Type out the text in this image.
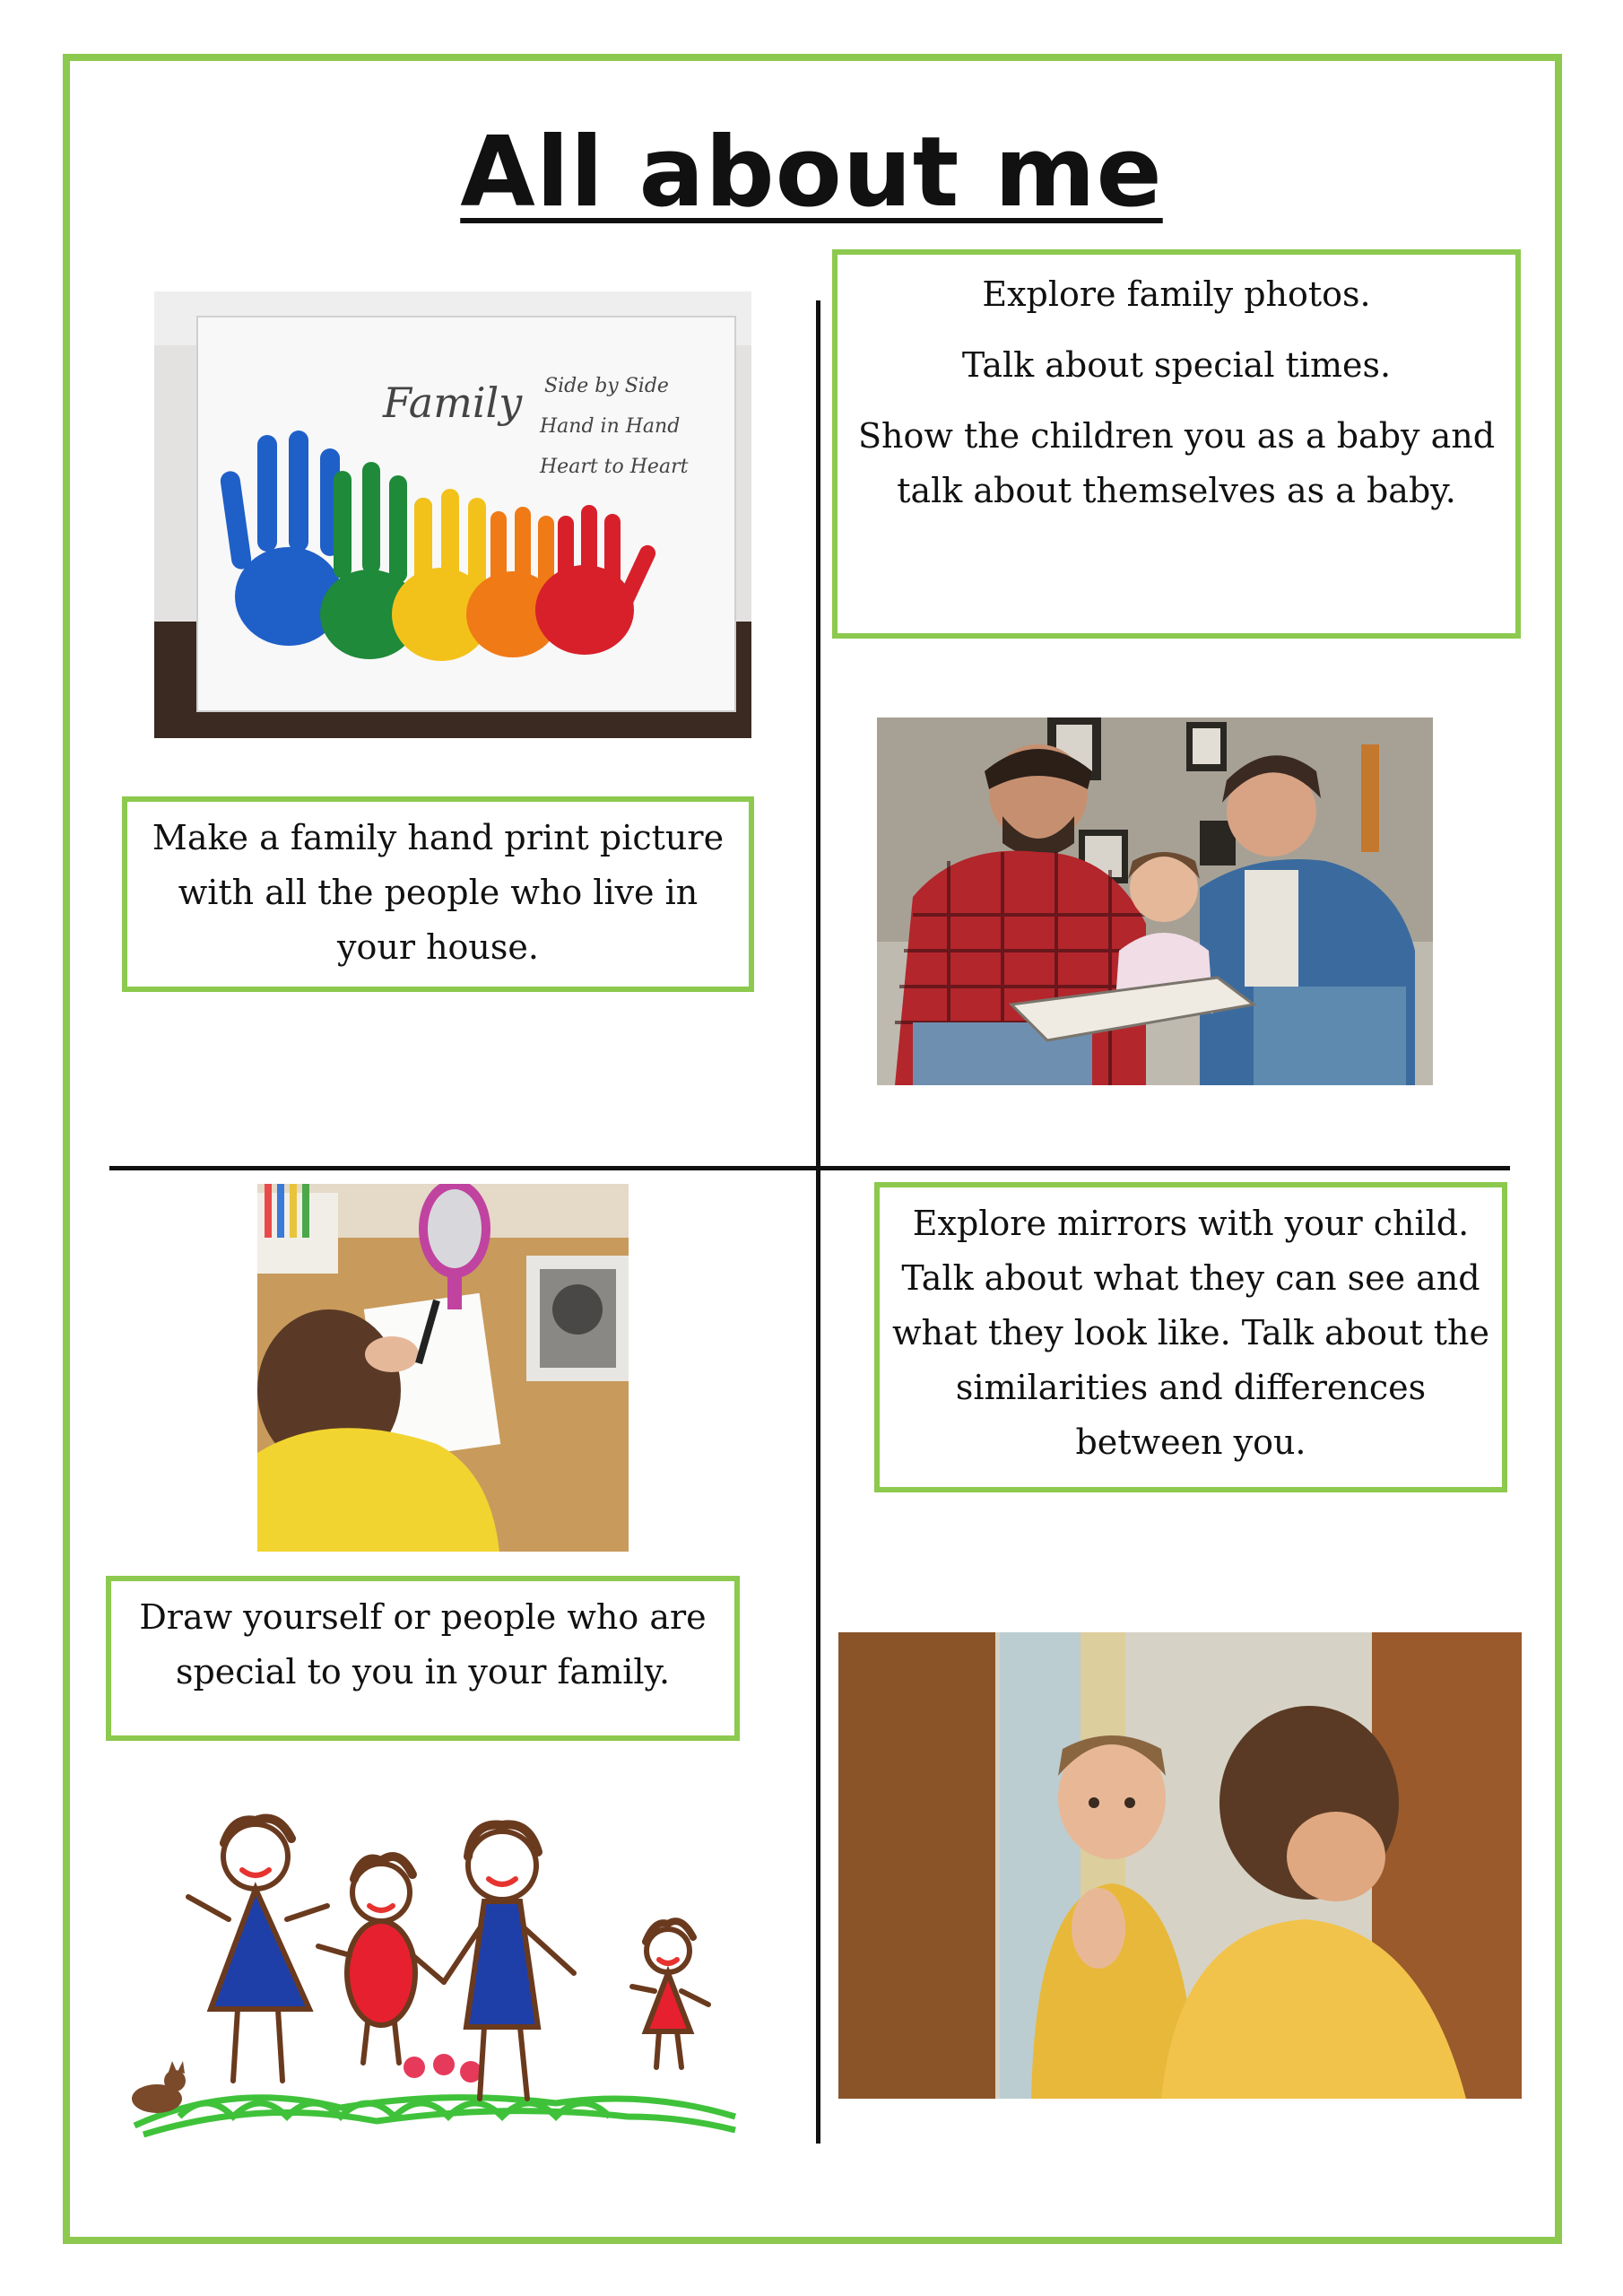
All about me
Family Side by Side
Hand in Hand
Heart to Heart

Explore family photos.

Talk about special times.

Show the children you as a baby and talk about themselves as a baby.

Make a family hand print picture with all the people who live in your house.

Explore mirrors with your child. Talk about what they can see and what they look like. Talk about the similarities and differences between you.

Draw yourself or people who are special to you in your family.
